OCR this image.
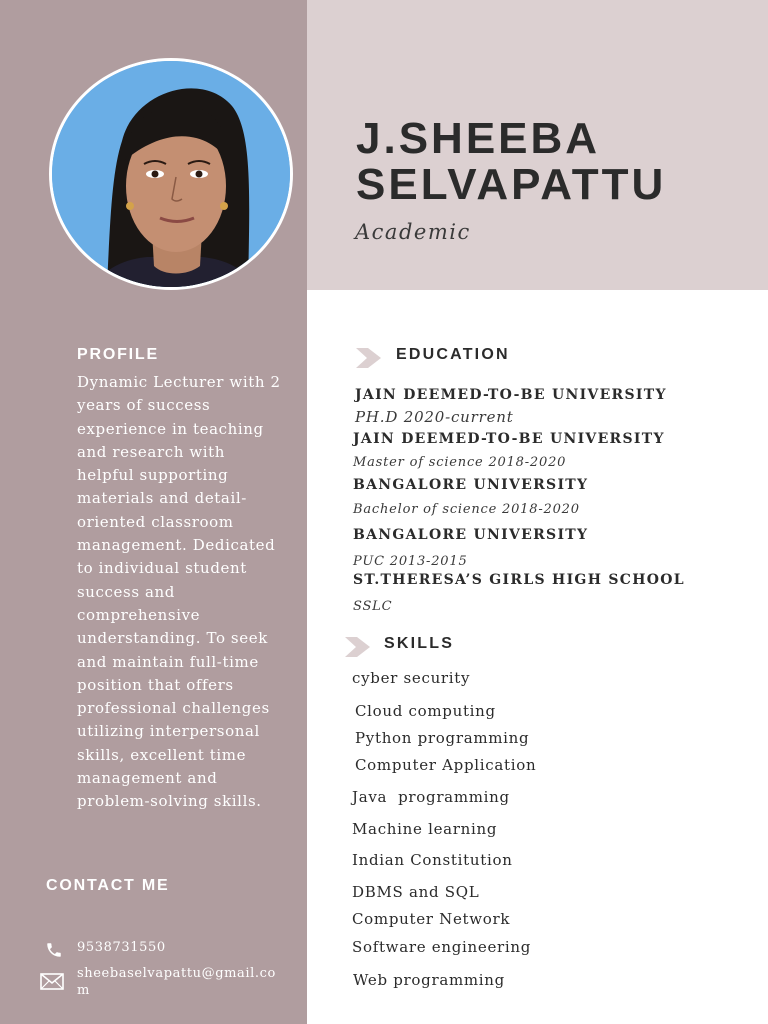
J.SHEEBA
SELVAPATTU
Academic
PROFILE

Dynamic Lecturer with 2 years of success experience in teaching and research with helpful supporting materials and detail-oriented classroom management. Dedicated to individual student success and comprehensive understanding. To seek and maintain full-time position that offers professional challenges utilizing interpersonal skills, excellent time management and problem-solving skills.

CONTACT ME
9538731550
sheebaselvapattu@gmail.com
EDUCATION
JAIN DEEMED-TO-BE UNIVERSITY
PH.D 2020-current
JAIN DEEMED-TO-BE UNIVERSITY
Master of science 2018-2020
BANGALORE UNIVERSITY
Bachelor of science 2018-2020
BANGALORE UNIVERSITY
PUC 2013-2015
ST.THERESA’S GIRLS HIGH SCHOOL
SSLC
SKILLS
cyber security
Cloud computing
Python programming
Computer Application
Java  programming
Machine learning
Indian Constitution
DBMS and SQL
Computer Network
Software engineering
Web programming
